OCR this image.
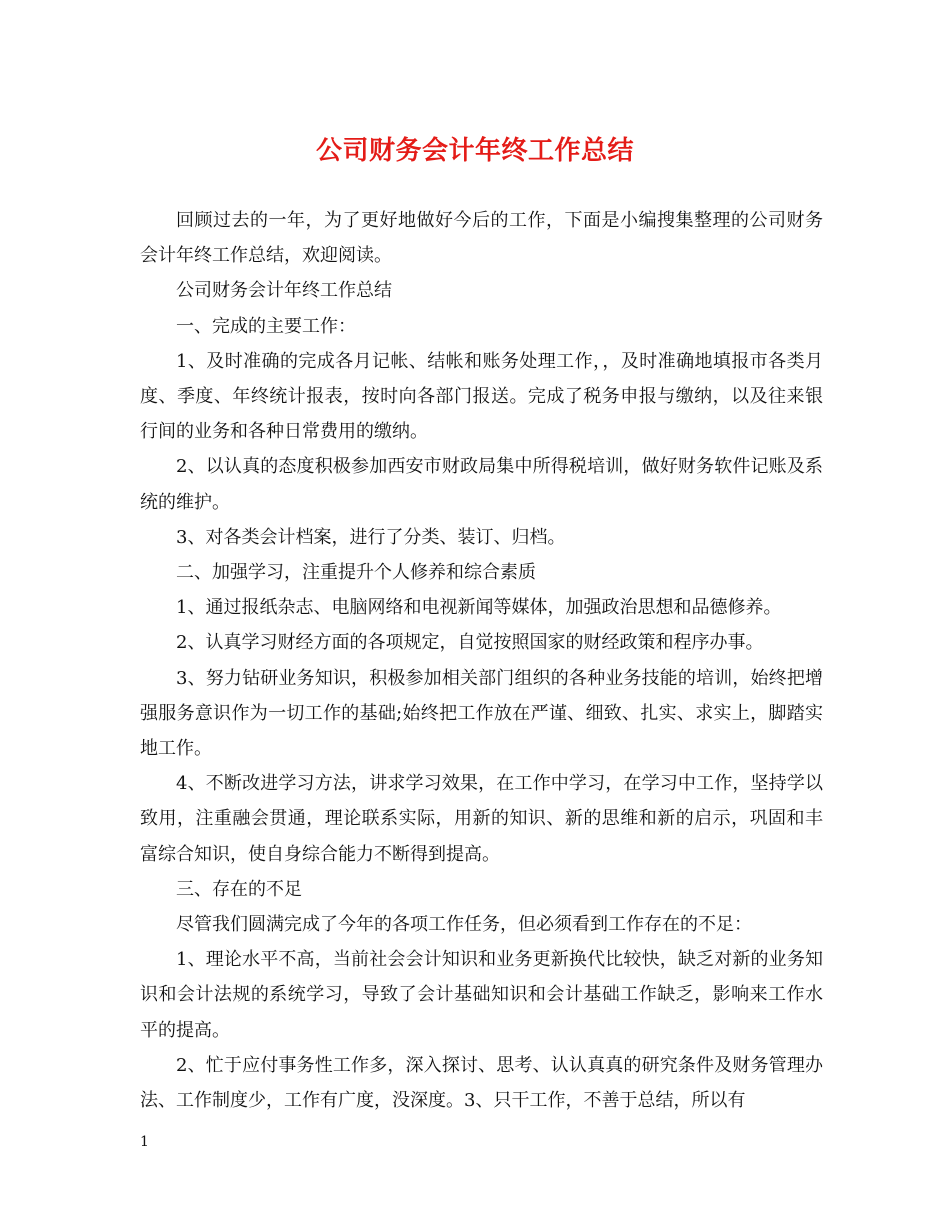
公司财务会计年终工作总结

回顾过去的一年，为了更好地做好今后的工作，下面是小编搜集整理的公司财务会计年终工作总结，欢迎阅读。

公司财务会计年终工作总结

一、完成的主要工作：

1、及时准确的完成各月记帐、结帐和账务处理工作，，及时准确地填报市各类月度、季度、年终统计报表，按时向各部门报送。完成了税务申报与缴纳，以及往来银行间的业务和各种日常费用的缴纳。

2、以认真的态度积极参加西安市财政局集中所得税培训，做好财务软件记账及系统的维护。

3、对各类会计档案，进行了分类、装订、归档。

二、加强学习，注重提升个人修养和综合素质

1、通过报纸杂志、电脑网络和电视新闻等媒体，加强政治思想和品德修养。

2、认真学习财经方面的各项规定，自觉按照国家的财经政策和程序办事。

3、努力钻研业务知识，积极参加相关部门组织的各种业务技能的培训，始终把增强服务意识作为一切工作的基础;始终把工作放在严谨、细致、扎实、求实上，脚踏实地工作。

4、不断改进学习方法，讲求学习效果，在工作中学习，在学习中工作，坚持学以致用，注重融会贯通，理论联系实际，用新的知识、新的思维和新的启示，巩固和丰富综合知识，使自身综合能力不断得到提高。

三、存在的不足

尽管我们圆满完成了今年的各项工作任务，但必须看到工作存在的不足：

1、理论水平不高，当前社会会计知识和业务更新换代比较快，缺乏对新的业务知识和会计法规的系统学习，导致了会计基础知识和会计基础工作缺乏，影响来工作水平的提高。

2、忙于应付事务性工作多，深入探讨、思考、认认真真的研究条件及财务管理办法、工作制度少，工作有广度，没深度。3、只干工作，不善于总结，所以有

1
